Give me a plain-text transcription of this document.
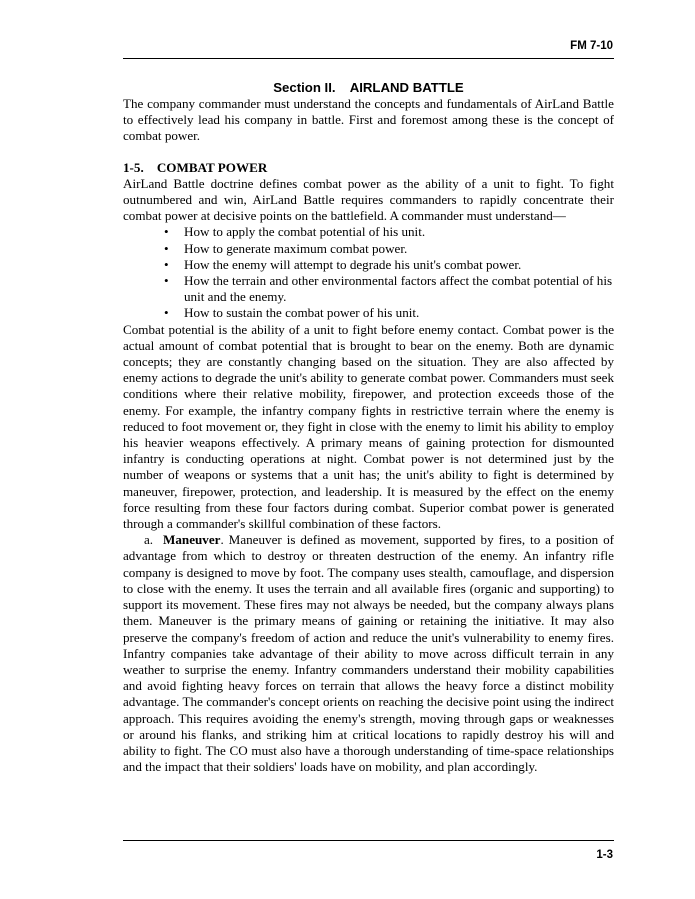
FM 7-10

Section II.    AIRLAND BATTLE

The company commander must understand the concepts and fundamentals of AirLand Battle to effectively lead his company in battle. First and foremost among these is the concept of combat power.

1-5.    COMBAT POWER

AirLand Battle doctrine defines combat power as the ability of a unit to fight. To fight outnumbered and win, AirLand Battle requires commanders to rapidly concentrate their combat power at decisive points on the battlefield. A commander must understand—

• How to apply the combat potential of his unit.
• How to generate maximum combat power.
• How the enemy will attempt to degrade his unit's combat power.
• How the terrain and other environmental factors affect the combat potential of his unit and the enemy.
• How to sustain the combat power of his unit.

Combat potential is the ability of a unit to fight before enemy contact. Combat power is the actual amount of combat potential that is brought to bear on the enemy. Both are dynamic concepts; they are constantly changing based on the situation. They are also affected by enemy actions to degrade the unit's ability to generate combat power. Commanders must seek conditions where their relative mobility, firepower, and protection exceeds those of the enemy. For example, the infantry company fights in restrictive terrain where the enemy is reduced to foot movement or, they fight in close with the enemy to limit his ability to employ his heavier weapons effectively. A primary means of gaining protection for dismounted infantry is conducting operations at night. Combat power is not determined just by the number of weapons or systems that a unit has; the unit's ability to fight is determined by maneuver, firepower, protection, and leadership. It is measured by the effect on the enemy force resulting from these four factors during combat. Superior combat power is generated through a commander's skillful combination of these factors.

a. Maneuver. Maneuver is defined as movement, supported by fires, to a position of advantage from which to destroy or threaten destruction of the enemy. An infantry rifle company is designed to move by foot. The company uses stealth, camouflage, and dispersion to close with the enemy. It uses the terrain and all available fires (organic and supporting) to support its movement. These fires may not always be needed, but the company always plans them. Maneuver is the primary means of gaining or retaining the initiative. It may also preserve the company's freedom of action and reduce the unit's vulnerability to enemy fires. Infantry companies take advantage of their ability to move across difficult terrain in any weather to surprise the enemy. Infantry commanders understand their mobility capabilities and avoid fighting heavy forces on terrain that allows the heavy force a distinct mobility advantage. The commander's concept orients on reaching the decisive point using the indirect approach. This requires avoiding the enemy's strength, moving through gaps or weaknesses or around his flanks, and striking him at critical locations to rapidly destroy his will and ability to fight. The CO must also have a thorough understanding of time-space relationships and the impact that their soldiers' loads have on mobility, and plan accordingly.

1-3
